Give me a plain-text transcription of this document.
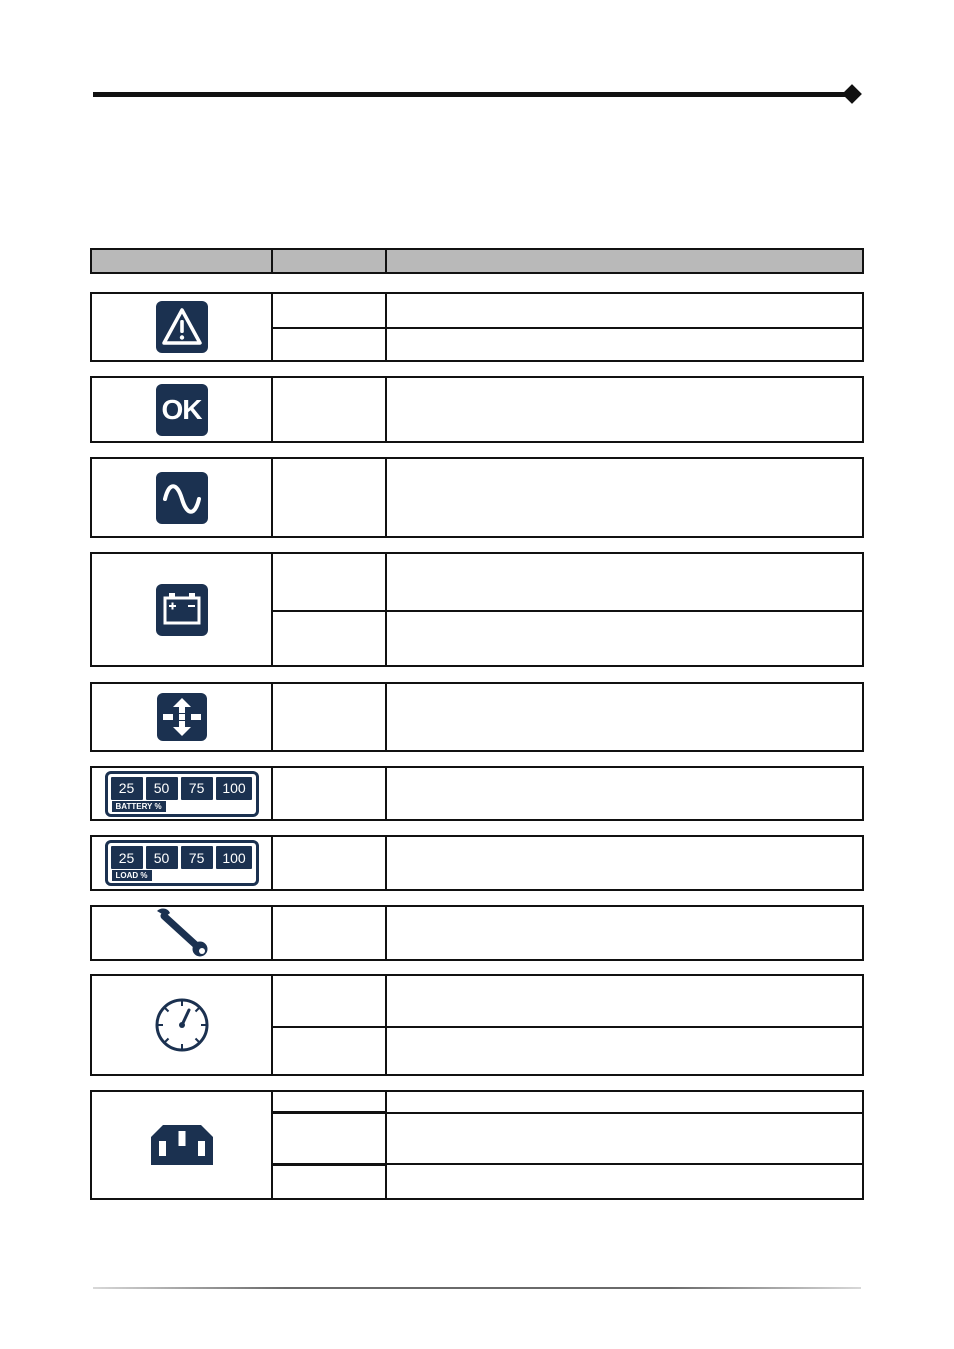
OK
25	50	75	100
BATTERY %
25	50	75	100
LOAD %
